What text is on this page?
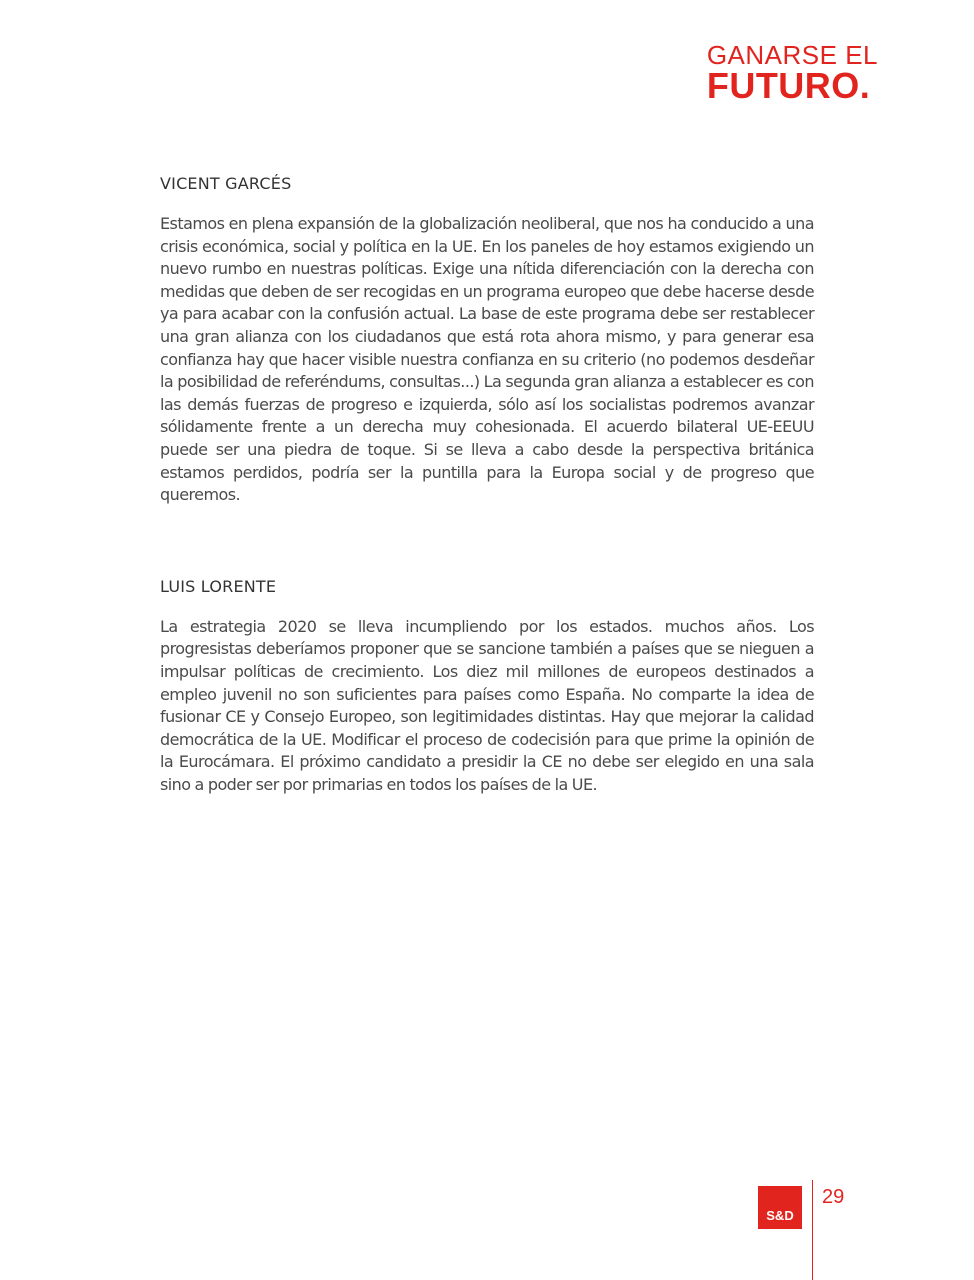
GANARSE EL
FUTURO.
VICENT GARCÉS

Estamos en plena expansión de la globalización neoliberal, que nos ha conducido a una crisis económica, social y política en la UE. En los paneles de hoy estamos exigiendo un nuevo rumbo en nuestras políticas. Exige una nítida diferenciación con la derecha con medidas que deben de ser recogidas en un programa europeo que debe hacerse desde ya para acabar con la confusión actual. La base de este programa debe ser restablecer una gran alianza con los ciudadanos que está rota ahora mismo, y para generar esa confianza hay que hacer visible nuestra confianza en su criterio (no podemos desdeñar la posibilidad de referéndums, consultas...) La segunda gran alianza a establecer es con las demás fuerzas de progreso e izquierda, sólo así los socialistas podremos avanzar sólidamente frente a un derecha muy cohesionada. El acuerdo bilateral UE-EEUU puede ser una piedra de toque. Si se lleva a cabo desde la perspectiva británica estamos perdidos, podría ser la puntilla para la Europa social y de progreso que queremos.

LUIS LORENTE

La estrategia 2020 se lleva incumpliendo por los estados. muchos años. Los progresistas deberíamos proponer que se sancione también a países que se nieguen a impulsar políticas de crecimiento. Los diez mil millones de europeos destinados a empleo juvenil no son suficientes para países como España. No comparte la idea de fusionar CE y Consejo Europeo, son legitimidades distintas. Hay que mejorar la calidad democrática de la UE. Modificar el proceso de codecisión para que prime la opinión de la Eurocámara. El próximo candidato a presidir la CE no debe ser elegido en una sala sino a poder ser por primarias en todos los países de la UE.

S&D
29
